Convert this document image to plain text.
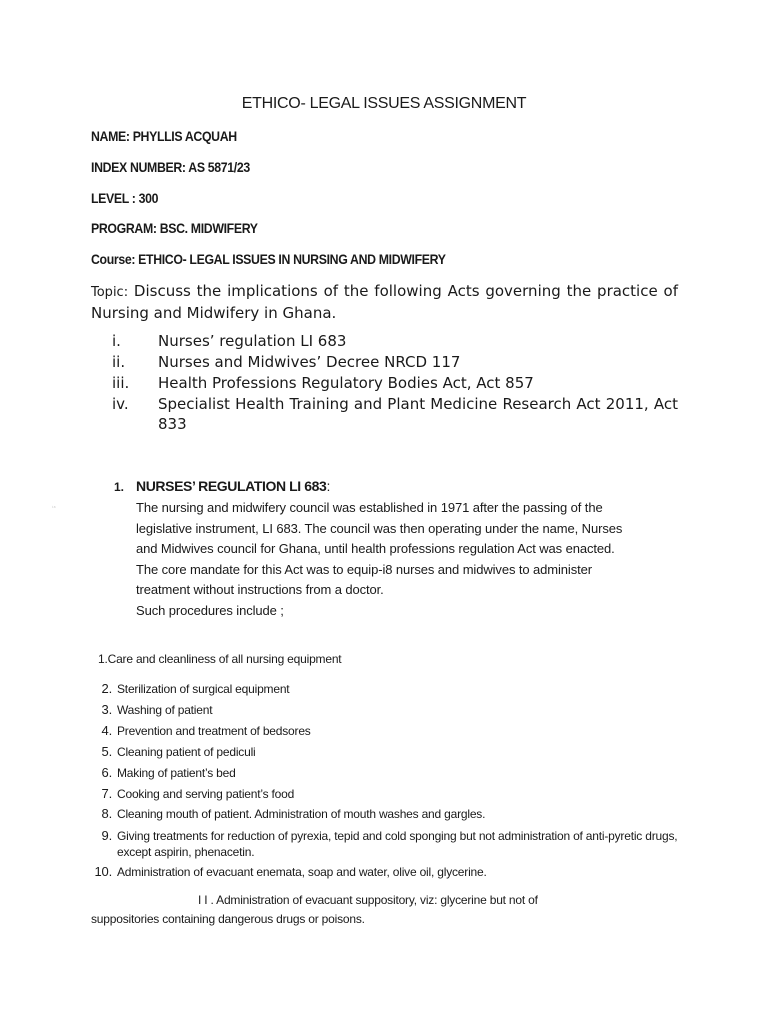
ETHICO- LEGAL ISSUES ASSIGNMENT
NAME: PHYLLIS ACQUAH
INDEX NUMBER: AS 5871/23
LEVEL : 300
PROGRAM: BSC. MIDWIFERY
Course: ETHICO- LEGAL ISSUES IN NURSING AND MIDWIFERY
Topic: Discuss the implications of the following Acts governing the practice of Nursing and Midwifery in Ghana.
i. Nurses’ regulation LI 683
ii. Nurses and Midwives’ Decree NRCD 117
iii. Health Professions Regulatory Bodies Act, Act 857
iv. Specialist Health Training and Plant Medicine Research Act 2011, Act 833
1. NURSES’ REGULATION LI 683:
¹⁸	The nursing and midwifery council was established in 1971 after the passing of the
legislative instrument, LI 683. The council was then operating under the name, Nurses
and Midwives council for Ghana, until health professions regulation Act was enacted.
The core mandate for this Act was to equip-i8 nurses and midwives to administer
treatment without instructions from a doctor.
Such procedures include ;
1.Care and cleanliness of all nursing equipment
2. Sterilization of surgical equipment
3. Washing of patient
4. Prevention and treatment of bedsores
5. Cleaning patient of pediculi
6. Making of patient’s bed
7. Cooking and serving patient’s food
8. Cleaning mouth of patient. Administration of mouth washes and gargles.
9. Giving treatments for reduction of pyrexia, tepid and cold sponging but not administration of anti-pyretic drugs, except aspirin, phenacetin.
10. Administration of evacuant enemata, soap and water, olive oil, glycerine.
I I . Administration of evacuant suppository, viz: glycerine but not of
suppositories containing dangerous drugs or poisons.
